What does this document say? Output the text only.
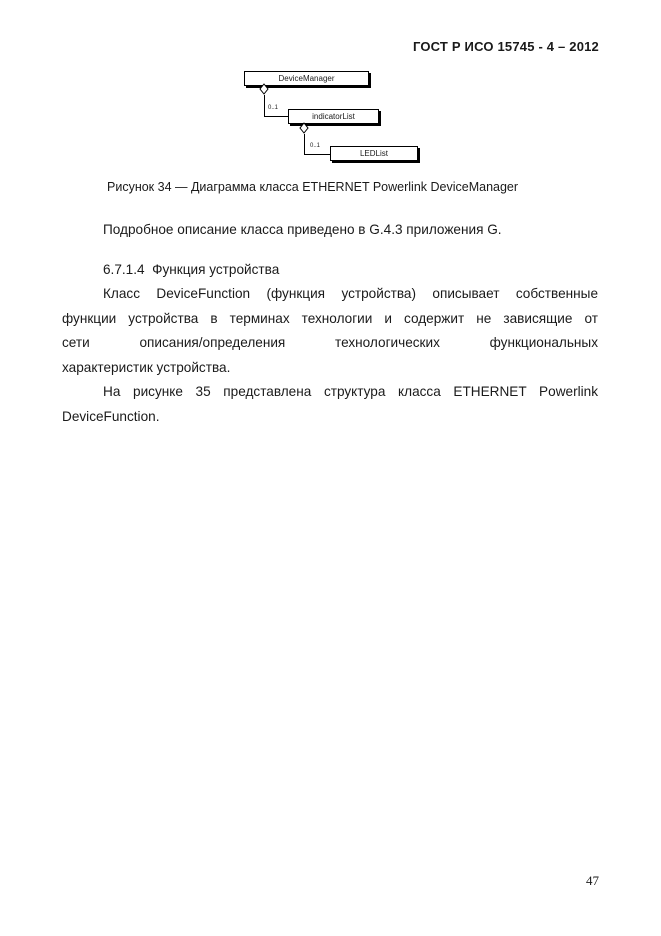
ГОСТ Р ИСО 15745 - 4 – 2012
DeviceManager
0..1
indicatorList
0..1
LEDList
Рисунок 34 — Диаграмма класса ETHERNET Powerlink DeviceManager
Подробное описание класса приведено в G.4.3 приложения G.
6.7.1.4  Функция устройства
Класс DeviceFunction (функция устройства) описывает собственные
функции устройства в терминах технологии и содержит не зависящие от
сети описания/определения технологических функциональных
характеристик устройства.
На рисунке 35 представлена структура класса ETHERNET Powerlink
DeviceFunction.
47
